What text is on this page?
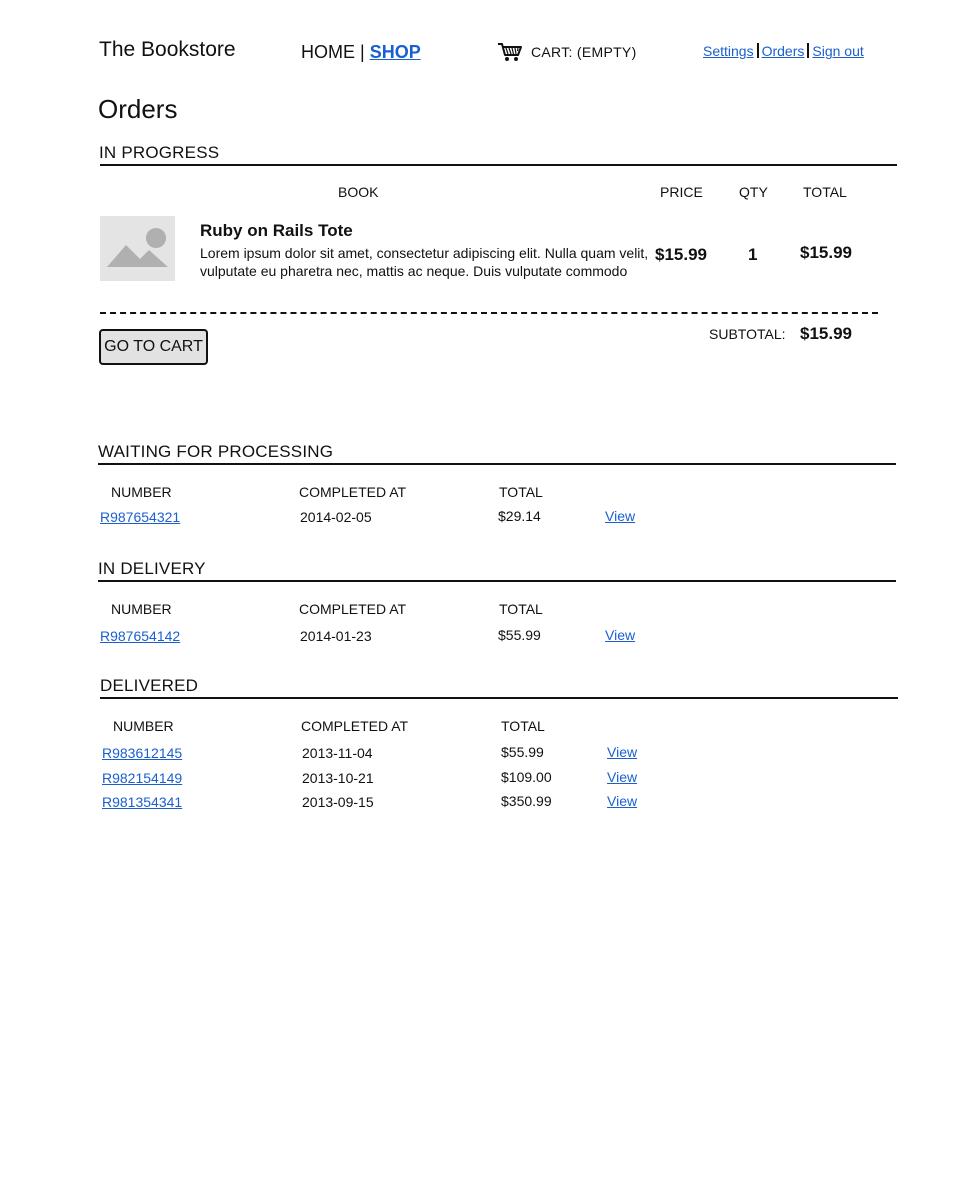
The Bookstore	HOME | SHOP	CART: (EMPTY)	Settings Orders Sign out
Orders
IN PROGRESS
BOOK	PRICE	QTY	TOTAL
Ruby on Rails Tote
Lorem ipsum dolor sit amet, consectetur adipiscing elit. Nulla quam velit, vulputate eu pharetra nec, mattis ac neque. Duis vulputate commodo
$15.99 1	$15.99
GO TO CART
SUBTOTAL: $15.99
WAITING FOR PROCESSING
NUMBER	COMPLETED AT	TOTAL
R987654321	2014-02-05	$29.14	View
IN DELIVERY
NUMBER	COMPLETED AT	TOTAL
R987654142	2014-01-23	$55.99	View
DELIVERED
NUMBER	COMPLETED AT	TOTAL
R983612145	2013-11-04	$55.99	View
R982154149	2013-10-21	$109.00	View
R981354341	2013-09-15	$350.99	View
